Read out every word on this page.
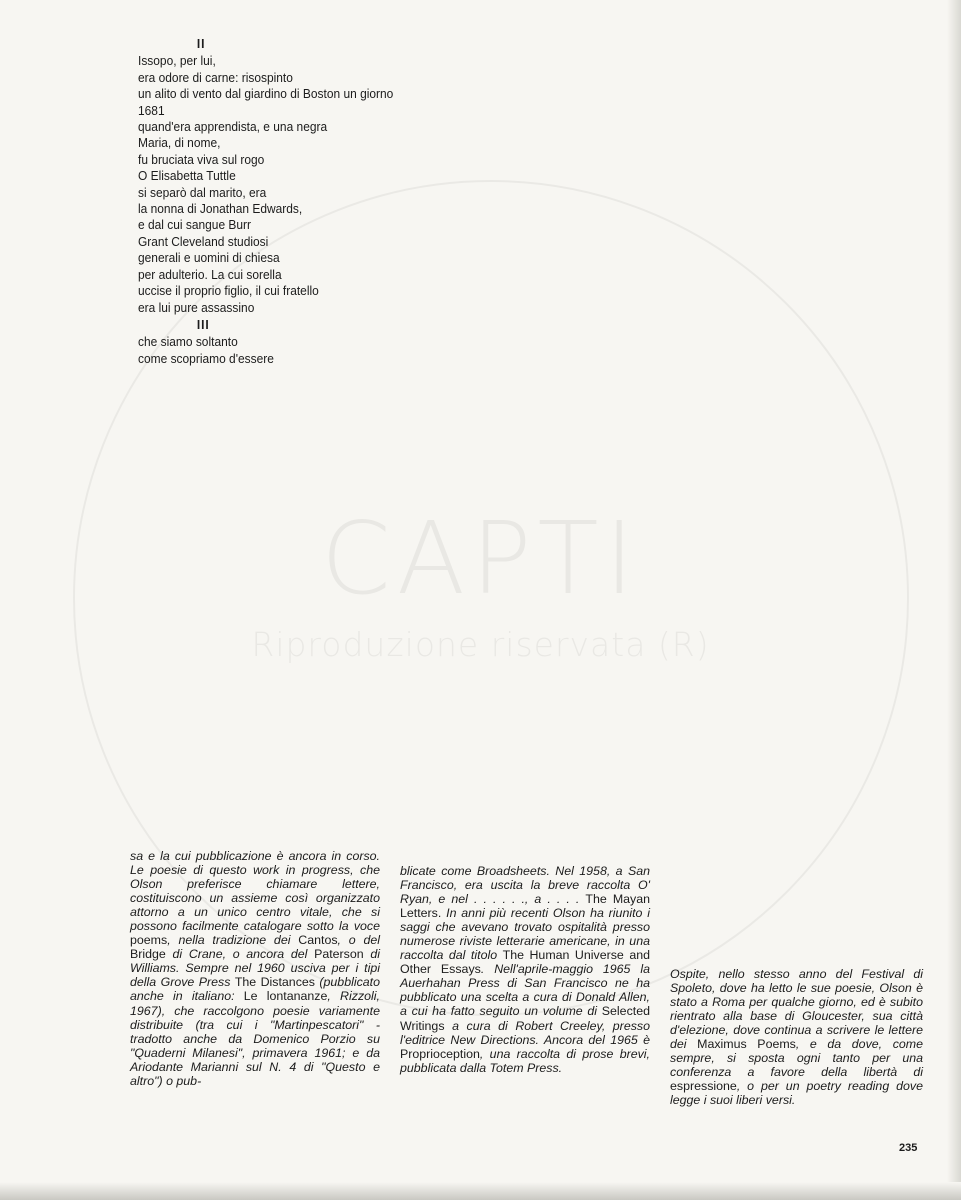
CAPTI
Riproduzione riservata (R)
II
Issopo, per lui,
era odore di carne: risospinto
un alito di vento dal giardino di Boston un giorno
1681
quand'era apprendista, e una negra
Maria, di nome,
fu bruciata viva sul rogo
O Elisabetta Tuttle
si separò dal marito, era
la nonna di Jonathan Edwards,
e dal cui sangue Burr
Grant Cleveland studiosi
generali e uomini di chiesa
per adulterio. La cui sorella
uccise il proprio figlio, il cui fratello
era lui pure assassino
III
che siamo soltanto
come scopriamo d'essere

sa e la cui pubblicazione è ancora in corso. Le poesie di questo work in progress, che Olson preferisce chiamare lettere, costituiscono un assieme così organizzato attorno a un unico centro vitale, che si possono facilmente catalogare sotto la voce poems, nella tradizione dei Cantos, o del Bridge di Crane, o ancora del Paterson di Williams. Sempre nel 1960 usciva per i tipi della Grove Press The Distances (pubblicato anche in italiano: Le lontananze, Rizzoli, 1967), che raccolgono poesie variamente distribuite (tra cui i "Martinpescatori" - tradotto anche da Domenico Porzio su "Quaderni Milanesi", primavera 1961; e da Ariodante Marianni sul N. 4 di "Questo e altro") o pub-

blicate come Broadsheets. Nel 1958, a San Francisco, era uscita la breve raccolta O' Ryan, e nel . . . . . ., a . . . . The Mayan Letters. In anni più recenti Olson ha riunito i saggi che avevano trovato ospitalità presso numerose riviste letterarie americane, in una raccolta dal titolo The Human Universe and Other Essays. Nell'aprile-maggio 1965 la Auerhahan Press di San Francisco ne ha pubblicato una scelta a cura di Donald Allen, a cui ha fatto seguito un volume di Selected Writings a cura di Robert Creeley, presso l'editrice New Directions. Ancora del 1965 è Proprioception, una raccolta di prose brevi, pubblicata dalla Totem Press.

Ospite, nello stesso anno del Festival di Spoleto, dove ha letto le sue poesie, Olson è stato a Roma per qualche giorno, ed è subito rientrato alla base di Gloucester, sua città d'elezione, dove continua a scrivere le lettere dei Maximus Poems, e da dove, come sempre, si sposta ogni tanto per una conferenza a favore della libertà di espressione, o per un poetry reading dove legge i suoi liberi versi.

235
